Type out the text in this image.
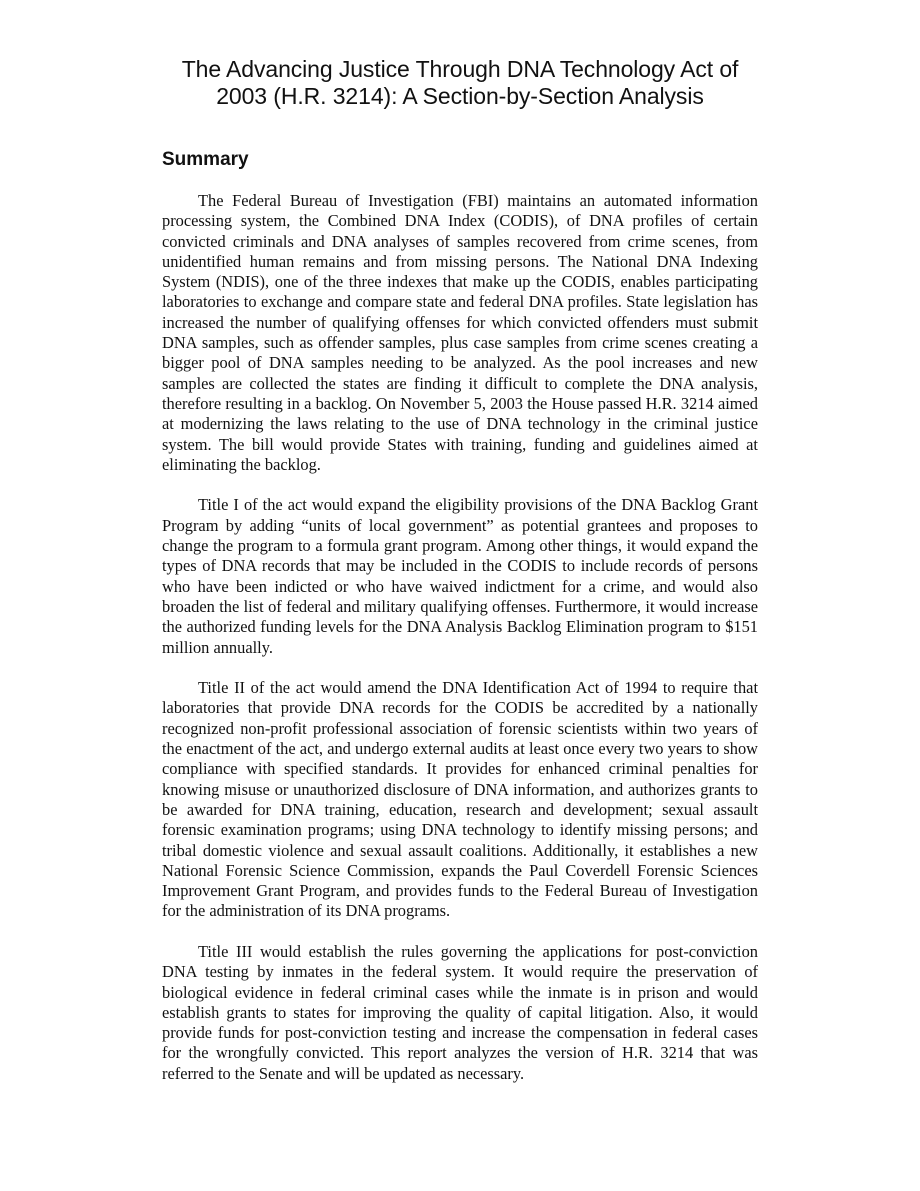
The Advancing Justice Through DNA Technology Act of 2003 (H.R. 3214): A Section-by-Section Analysis
Summary

The Federal Bureau of Investigation (FBI) maintains an automated information processing system, the Combined DNA Index (CODIS), of DNA profiles of certain convicted criminals and DNA analyses of samples recovered from crime scenes, from unidentified human remains and from missing persons. The National DNA Indexing System (NDIS), one of the three indexes that make up the CODIS, enables participating laboratories to exchange and compare state and federal DNA profiles. State legislation has increased the number of qualifying offenses for which convicted offenders must submit DNA samples, such as offender samples, plus case samples from crime scenes creating a bigger pool of DNA samples needing to be analyzed. As the pool increases and new samples are collected the states are finding it difficult to complete the DNA analysis, therefore resulting in a backlog. On November 5, 2003 the House passed H.R. 3214 aimed at modernizing the laws relating to the use of DNA technology in the criminal justice system. The bill would provide States with training, funding and guidelines aimed at eliminating the backlog.

Title I of the act would expand the eligibility provisions of the DNA Backlog Grant Program by adding “units of local government” as potential grantees and proposes to change the program to a formula grant program. Among other things, it would expand the types of DNA records that may be included in the CODIS to include records of persons who have been indicted or who have waived indictment for a crime, and would also broaden the list of federal and military qualifying offenses. Furthermore, it would increase the authorized funding levels for the DNA Analysis Backlog Elimination program to $151 million annually.

Title II of the act would amend the DNA Identification Act of 1994 to require that laboratories that provide DNA records for the CODIS be accredited by a nationally recognized non-profit professional association of forensic scientists within two years of the enactment of the act, and undergo external audits at least once every two years to show compliance with specified standards. It provides for enhanced criminal penalties for knowing misuse or unauthorized disclosure of DNA information, and authorizes grants to be awarded for DNA training, education, research and development; sexual assault forensic examination programs; using DNA technology to identify missing persons; and tribal domestic violence and sexual assault coalitions. Additionally, it establishes a new National Forensic Science Commission, expands the Paul Coverdell Forensic Sciences Improvement Grant Program, and provides funds to the Federal Bureau of Investigation for the administration of its DNA programs.

Title III would establish the rules governing the applications for post-conviction DNA testing by inmates in the federal system. It would require the preservation of biological evidence in federal criminal cases while the inmate is in prison and would establish grants to states for improving the quality of capital litigation. Also, it would provide funds for post-conviction testing and increase the compensation in federal cases for the wrongfully convicted. This report analyzes the version of H.R. 3214 that was referred to the Senate and will be updated as necessary.
